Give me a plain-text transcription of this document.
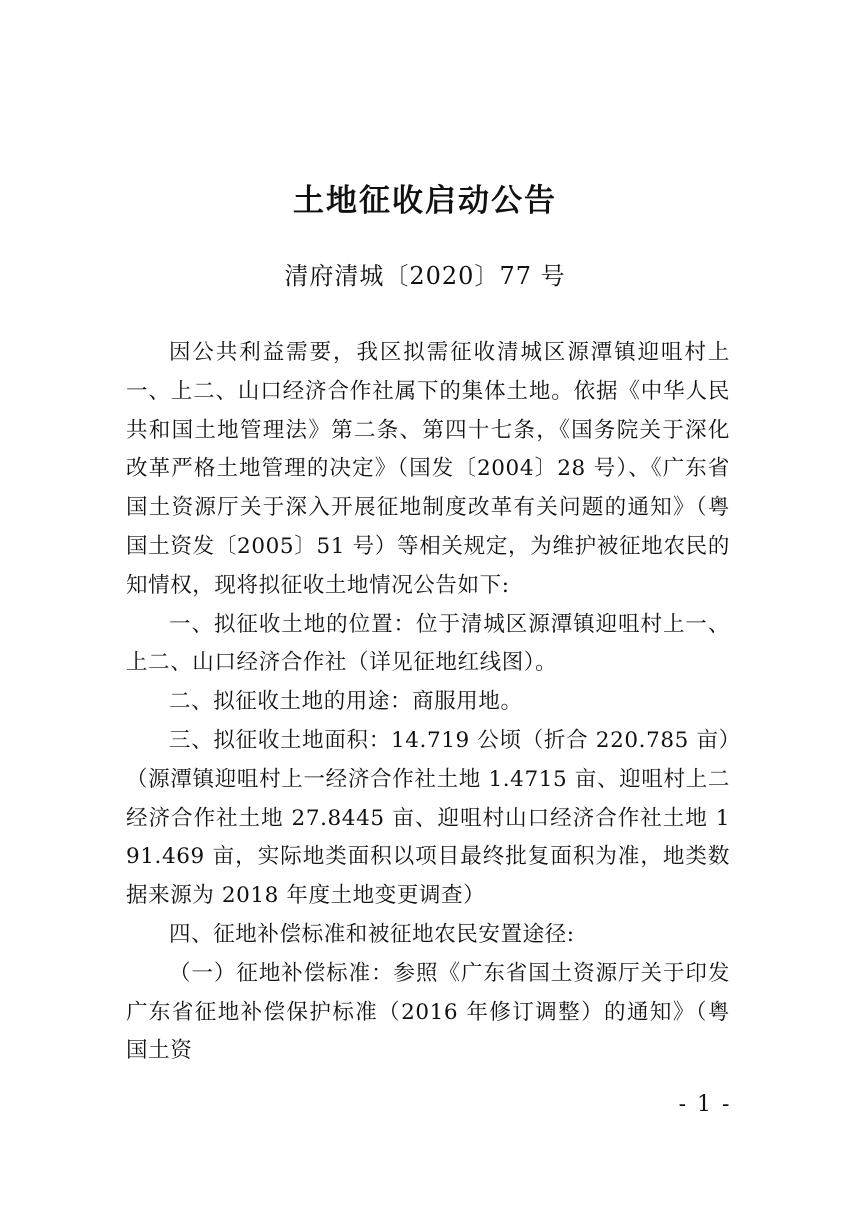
土地征收启动公告
清府清城〔2020〕77 号

因公共利益需要，我区拟需征收清城区源潭镇迎咀村上一、上二、山口经济合作社属下的集体土地。依据《中华人民共和国土地管理法》第二条、第四十七条，《国务院关于深化改革严格土地管理的决定》（国发〔2004〕28 号）、《广东省国土资源厅关于深入开展征地制度改革有关问题的通知》（粤国土资发〔2005〕51 号）等相关规定，为维护被征地农民的知情权，现将拟征收土地情况公告如下:

一、拟征收土地的位置：位于清城区源潭镇迎咀村上一、上二、山口经济合作社（详见征地红线图）。

二、拟征收土地的用途：商服用地。

三、拟征收土地面积：14.719 公顷（折合 220.785 亩）（源潭镇迎咀村上一经济合作社土地 1.4715 亩、迎咀村上二经济合作社土地 27.8445 亩、迎咀村山口经济合作社土地 191.469 亩，实际地类面积以项目最终批复面积为准，地类数据来源为 2018 年度土地变更调查）

四、征地补偿标准和被征地农民安置途径:

（一）征地补偿标准：参照《广东省国土资源厅关于印发广东省征地补偿保护标准（2016 年修订调整）的通知》（粤国土资

- 1 -
